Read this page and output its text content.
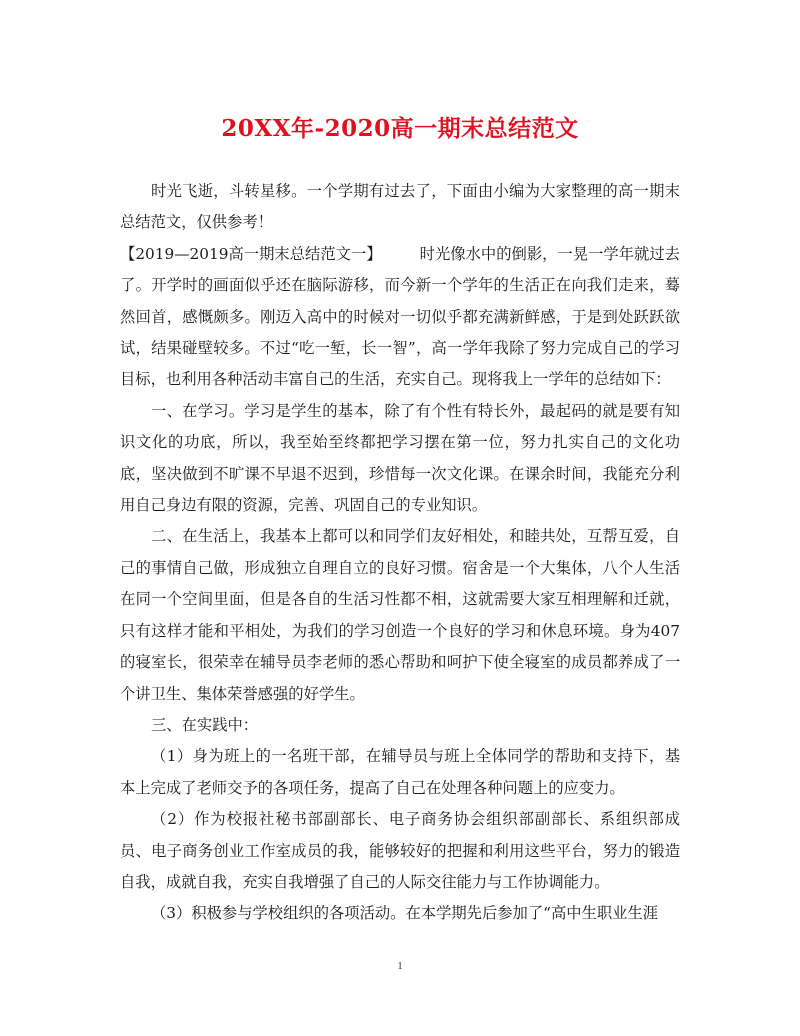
20XX年-2020高一期末总结范文

时光飞逝，斗转星移。一个学期有过去了，下面由小编为大家整理的高一期末总结范文，仅供参考！

【2019—2019高一期末总结范文一】 时光像水中的倒影，一晃一学年就过去了。开学时的画面似乎还在脑际游移，而今新一个学年的生活正在向我们走来，蓦然回首，感慨颇多。刚迈入高中的时候对一切似乎都充满新鲜感，于是到处跃跃欲试，结果碰壁较多。不过“吃一堑，长一智”，高一学年我除了努力完成自己的学习目标，也利用各种活动丰富自己的生活，充实自己。现将我上一学年的总结如下：

一、在学习。学习是学生的基本，除了有个性有特长外，最起码的就是要有知识文化的功底，所以，我至始至终都把学习摆在第一位，努力扎实自己的文化功底，坚决做到不旷课不早退不迟到，珍惜每一次文化课。在课余时间，我能充分利用自己身边有限的资源，完善、巩固自己的专业知识。

二、在生活上，我基本上都可以和同学们友好相处，和睦共处，互帮互爱，自己的事情自己做，形成独立自理自立的良好习惯。宿舍是一个大集体，八个人生活在同一个空间里面，但是各自的生活习性都不相，这就需要大家互相理解和迁就，只有这样才能和平相处，为我们的学习创造一个良好的学习和休息环境。身为407的寝室长，很荣幸在辅导员李老师的悉心帮助和呵护下使全寝室的成员都养成了一个讲卫生、集体荣誉感强的好学生。

三、在实践中：

（1）身为班上的一名班干部，在辅导员与班上全体同学的帮助和支持下，基本上完成了老师交予的各项任务，提高了自己在处理各种问题上的应变力。

（2）作为校报社秘书部副部长、电子商务协会组织部副部长、系组织部成员、电子商务创业工作室成员的我，能够较好的把握和利用这些平台，努力的锻造自我，成就自我，充实自我增强了自己的人际交往能力与工作协调能力。

（3）积极参与学校组织的各项活动。在本学期先后参加了“高中生职业生涯

1
